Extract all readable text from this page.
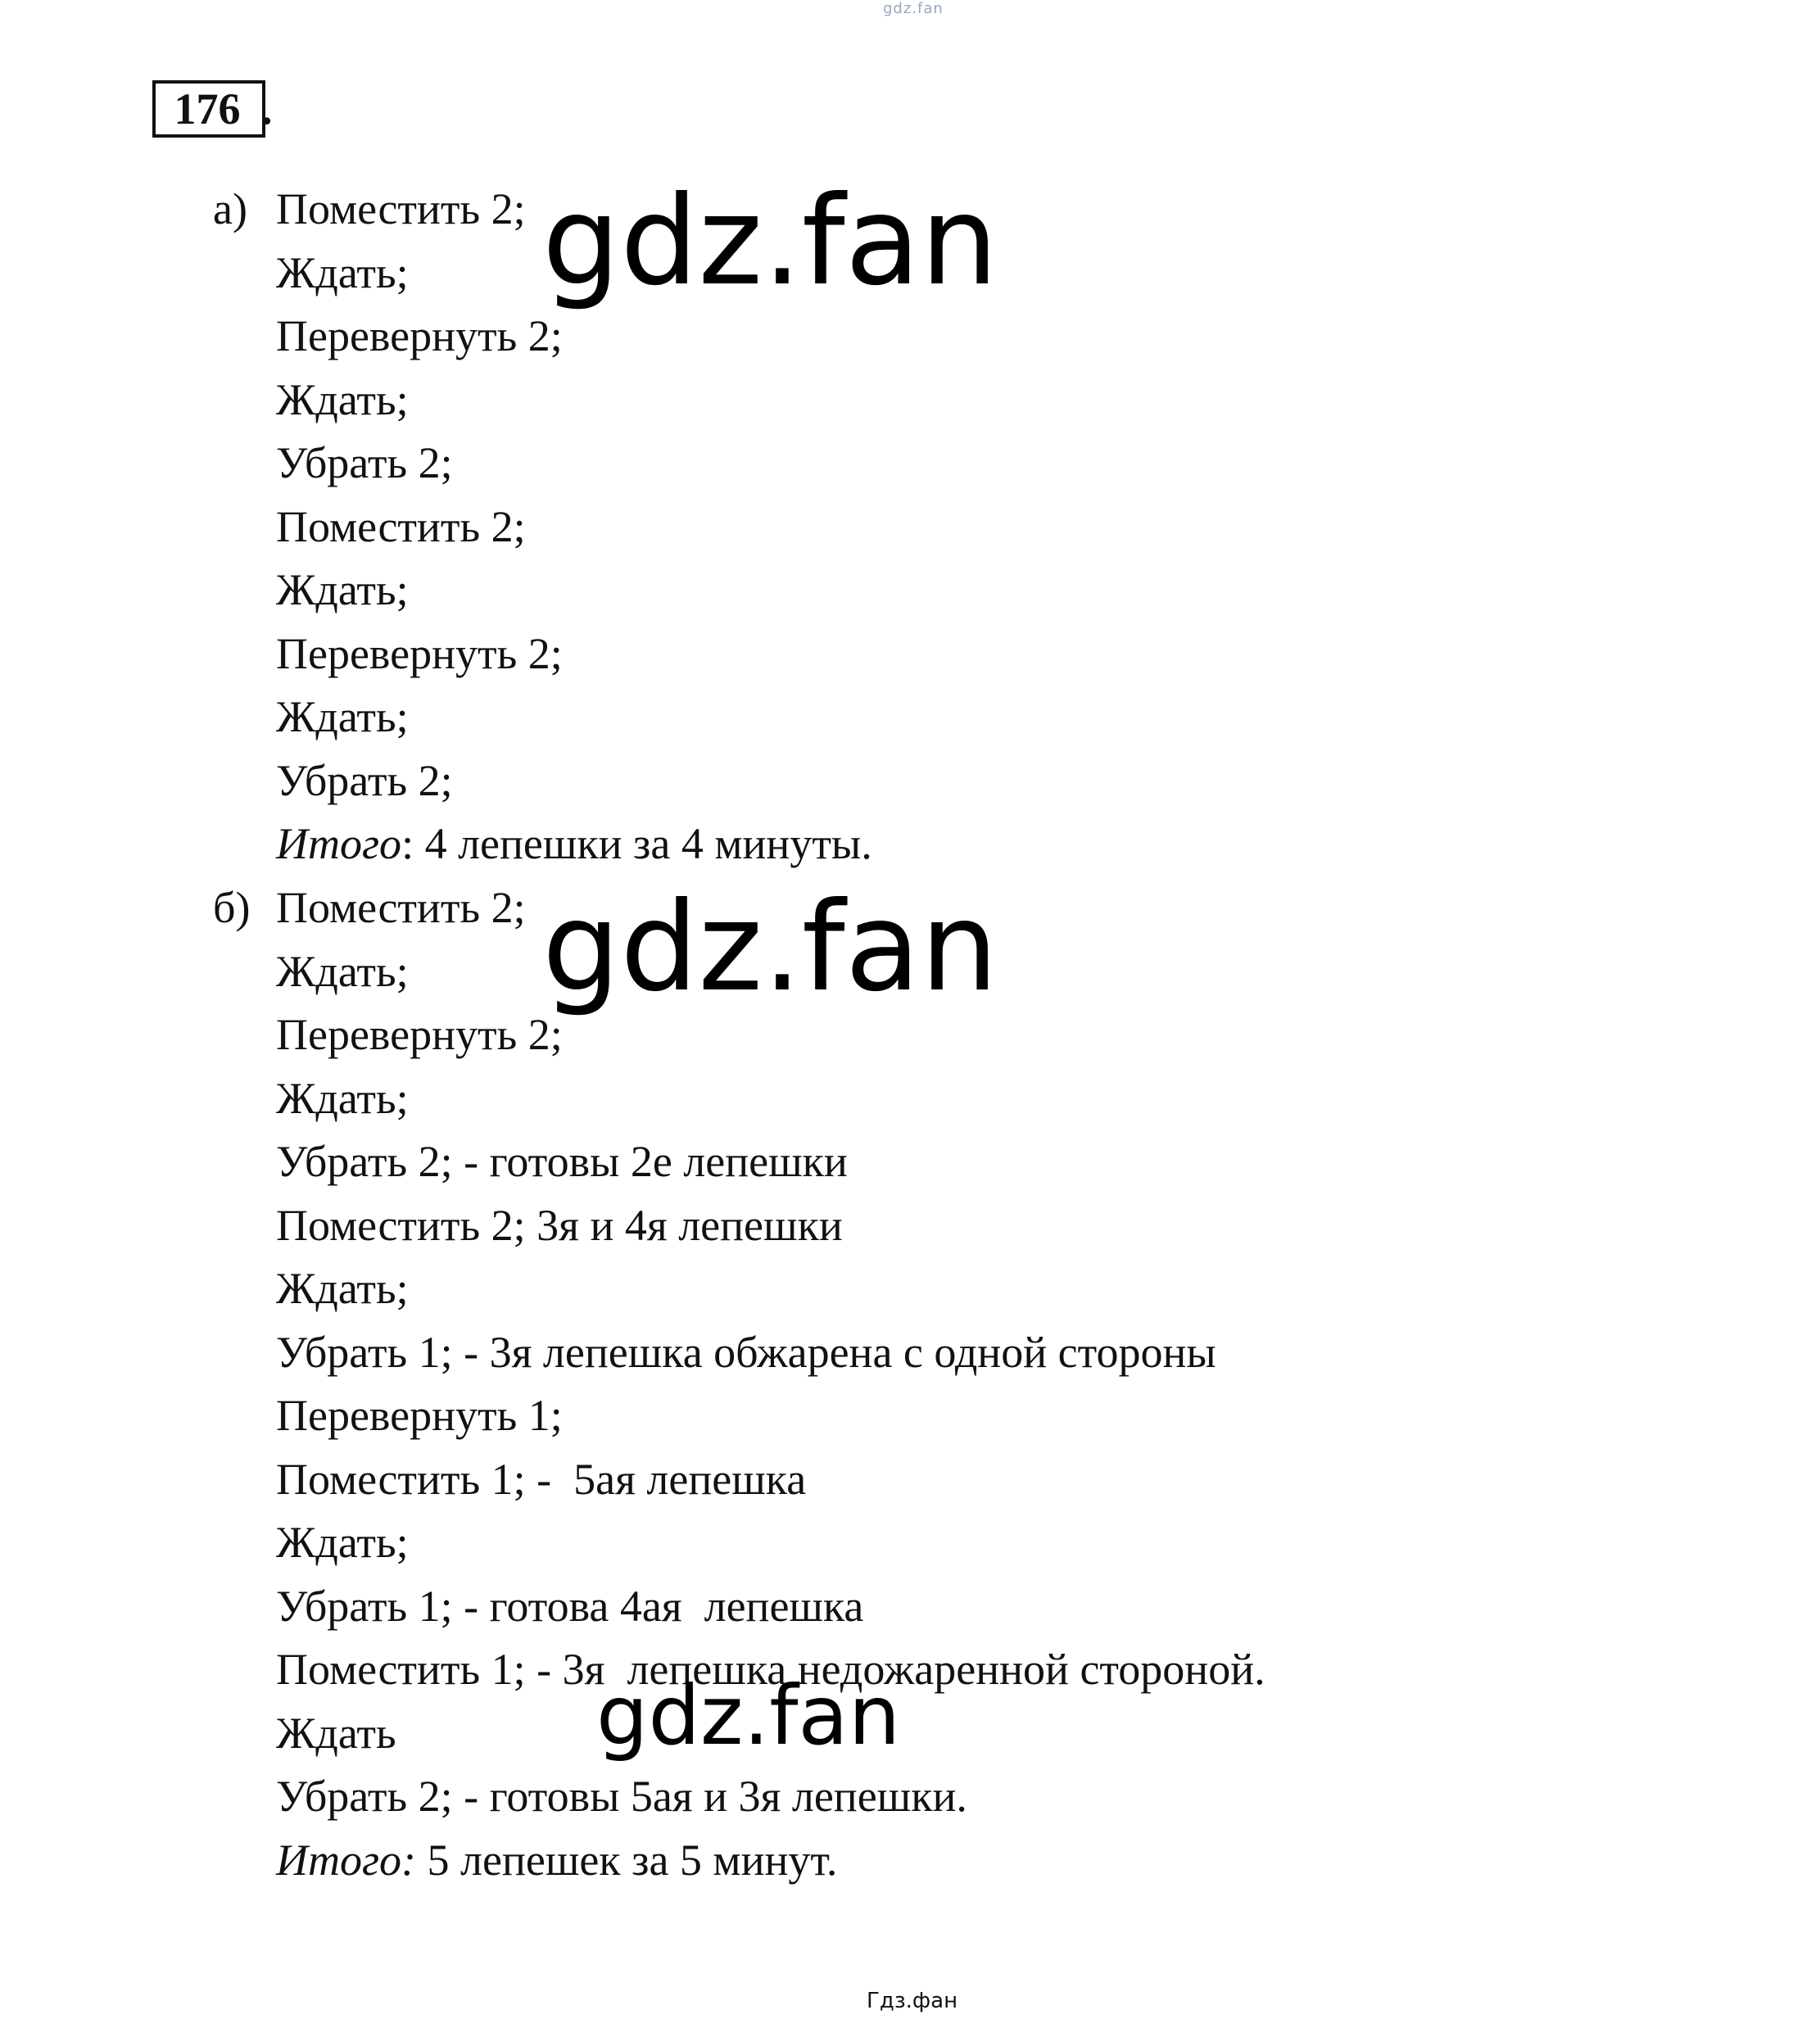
gdz.fan
176 .
а) Поместить 2;
Ждать;
Перевернуть 2;
Ждать;
Убрать 2;
Поместить 2;
Ждать;
Перевернуть 2;
Ждать;
Убрать 2;
Итого: 4 лепешки за 4 минуты.
б) Поместить 2;
Ждать;
Перевернуть 2;
Ждать;
Убрать 2; - готовы 2е лепешки
Поместить 2; 3я и 4я лепешки
Ждать;
Убрать 1; - 3я лепешка обжарена с одной стороны
Перевернуть 1;
Поместить 1; -  5ая лепешка
Ждать;
Убрать 1; - готова 4ая  лепешка
Поместить 1; - 3я  лепешка недожаренной стороной.
Ждать
Убрать 2; - готовы 5ая и 3я лепешки.
Итого: 5 лепешек за 5 минут.
gdz.fan
gdz.fan
gdz.fan
Гдз.фан
